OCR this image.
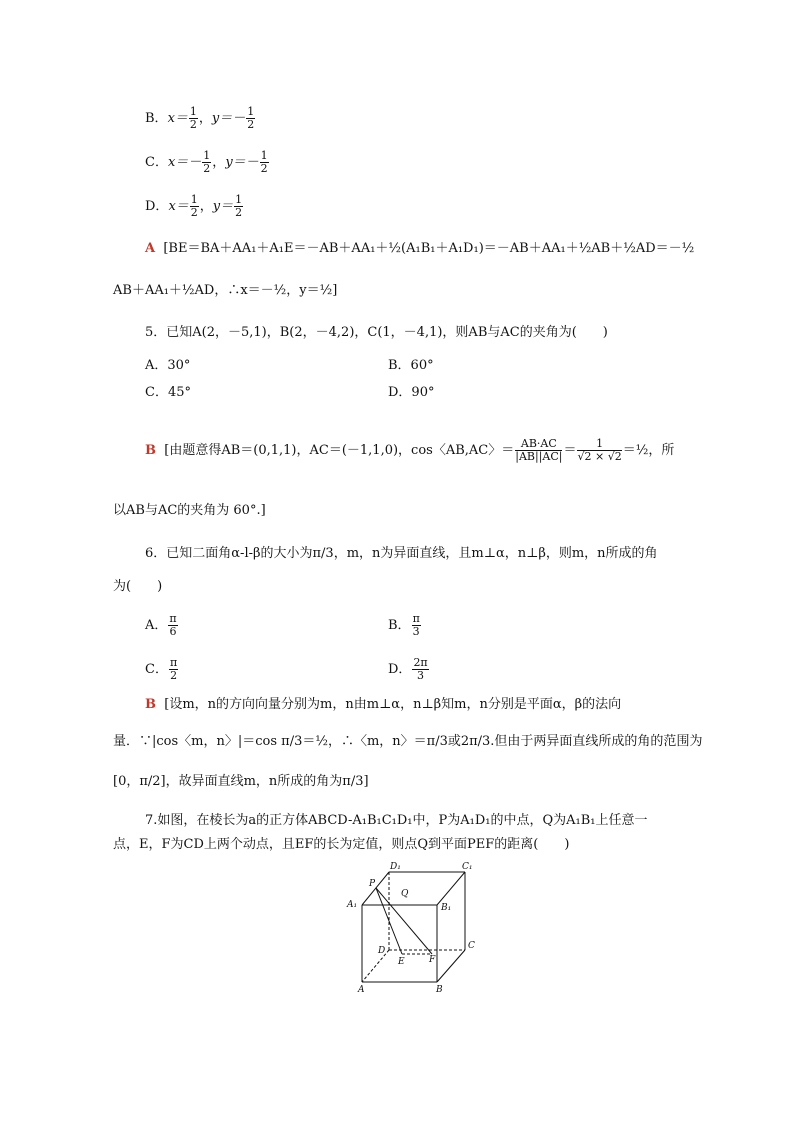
B．$x= \frac{1}{2}$ ，$y=- \frac{1}{2}$
C．$x=- \frac{1}{2}$ ，$y=- \frac{1}{2}$
D．$x= \frac{1}{2}$ ，$y= \frac{1}{2}$
A [BE＝BA＋AA₁＋A₁E＝－AB＋AA₁＋½(A₁B₁＋A₁D₁)＝－AB＋AA₁＋½AB＋½AD＝－½
AB＋AA₁＋½AD，∴x＝－½，y＝½]
5．已知A(2，－5,1)，B(2，－4,2)，C(1，－4,1)，则AB与AC的夹角为(　　)
A．30°	B．60°
C．45°	D．90°
B [由题意得AB＝(0,1,1)，AC＝(－1,1,0)，cos〈AB,AC〉＝ $\frac{AB\cdot AC}{|AB||AC|} = \frac{1}{√2 \times √2}$ ＝½，所
以AB与AC的夹角为 60°.]
6．已知二面角α-l-β的大小为π/3，m，n为异面直线，且m⊥α，n⊥β，则m，n所成的角
为(　　)
A． $\frac{\pi}{6}$	B． $\frac{\pi}{3}$
C． $\frac{\pi}{2}$	D． $\frac{2\pi}{3}$
B [设m，n的方向向量分别为m，n由m⊥α，n⊥β知m，n分别是平面α，β的法向
量．∵|cos〈m，n〉|＝cos π/3＝½，∴〈m，n〉＝π/3或2π/3.但由于两异面直线所成的角的范围为
[0，π/2]，故异面直线m，n所成的角为π/3]
7.如图，在棱长为a的正方体ABCD-A₁B₁C₁D₁中，P为A₁D₁的中点，Q为A₁B₁上任意一
点，E，F为CD上两个动点，且EF的长为定值，则点Q到平面PEF的距离(　　)
D₁	C₁
P
Q
A₁	B₁
D	C
E	F
A	B
